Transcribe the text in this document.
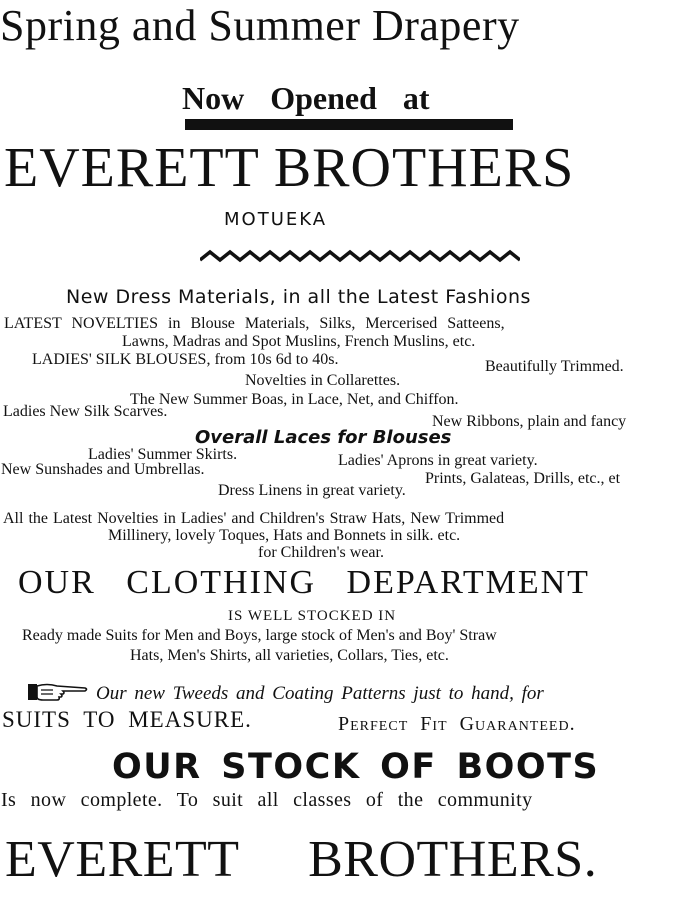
Spring and Summer Drapery
Now Opened at
EVERETT BROTHERS
MOTUEKA
New Dress Materials, in all the Latest Fashions
LATEST NOVELTIES in Blouse Materials, Silks, Mercerised Satteens,
Lawns, Madras and Spot Muslins, French Muslins, etc.
LADIES' SILK BLOUSES, from 10s 6d to 40s.	Beautifully Trimmed.
Novelties in Collarettes.
The New Summer Boas, in Lace, Net, and Chiffon.
Ladies New Silk Scarves.
New Ribbons, plain and fancy
Overall Laces for Blouses
Ladies' Summer Skirts.	Ladies' Aprons in great variety.
New Sunshades and Umbrellas.
Prints, Galateas, Drills, etc., et
Dress Linens in great variety.
All the Latest Novelties in Ladies' and Children's Straw Hats, New Trimmed
Millinery, lovely Toques, Hats and Bonnets in silk. etc.
for Children's wear.
OUR CLOTHING DEPARTMENT
IS WELL STOCKED IN
Ready made Suits for Men and Boys, large stock of Men's and Boy' Straw
Hats, Men's Shirts, all varieties, Collars, Ties, etc.
Our new Tweeds and Coating Patterns just to hand, for
SUITS TO MEASURE.	Perfect Fit Guaranteed.
OUR STOCK OF BOOTS
Is now complete. To suit all classes of the community
EVERETT BROTHERS.
